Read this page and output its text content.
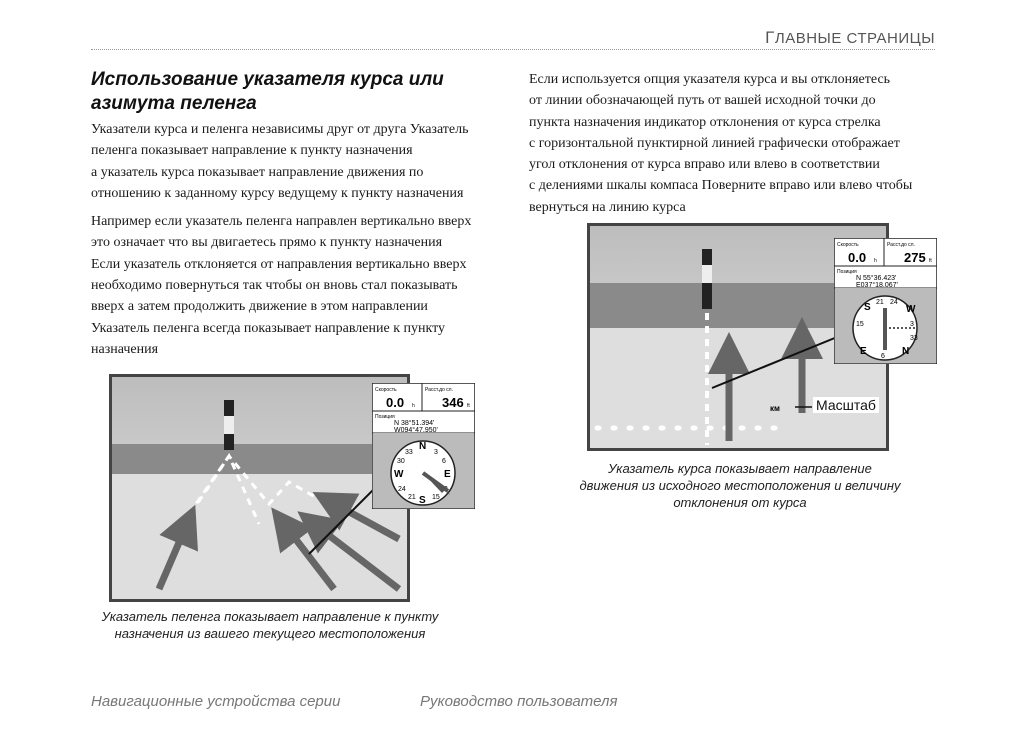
ГЛАВНЫЕ СТРАНИЦЫ
Использование указателя курса или
азимута пеленга
Указатели курса и пеленга независимы друг от друга Указатель
пеленга показывает направление к пункту назначения
а указатель курса показывает направление движения по
отношению к заданному курсу ведущему к пункту назначения
Например если указатель пеленга направлен вертикально вверх
это означает что вы двигаетесь прямо к пункту назначения
Если указатель отклоняется от направления вертикально вверх
необходимо повернуться так чтобы он вновь стал показывать
вверх а затем продолжить движение в этом направлении
Указатель пеленга всегда показывает направление к пункту
назначения
Если используется опция указателя курса и вы отклоняетесь
от линии обозначающей путь от вашей исходной точки до
пункта назначения индикатор отклонения от курса стрелка
с горизонтальной пунктирной линией графически отображает
угол отклонения от курса вправо или влево в соответствии
с делениями шкалы компаса Поверните вправо или влево чтобы
вернуться на линию курса
Скорость
0.0 h
Расст.до сл.
346 ft
Позиция
N 38°51.394'
W094°47.950'
N
E
S
W
33
6
30
24
21 15
3
Указатель пеленга показывает направление к пункту
назначения из вашего текущего местоположения
км
Скорость
0.0 h
Расст.до сл.
275 ft
Позиция
N 55°36.423'
E037°18.067'
N
E
S	W
21 24
15	3
6
33
Масштаб
Указатель курса показывает направление
движения из исходного местоположения и величину
отклонения от курса
Навигационные устройства серии	Руководство пользователя
